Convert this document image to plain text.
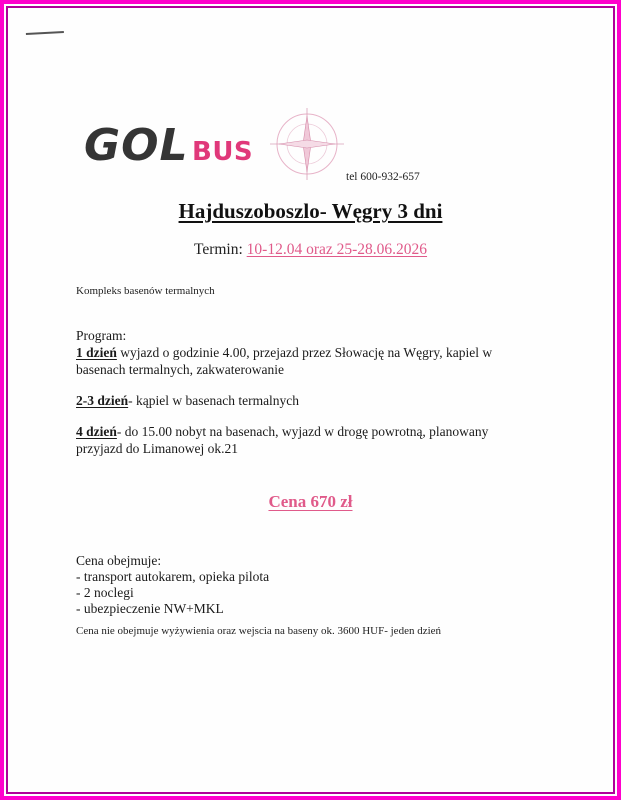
GOL BUS
tel 600-932-657
Hajduszoboszlo- Węgry 3 dni
Termin: 10-12.04 oraz 25-28.06.2026
Kompleks basenów termalnych
Program:
1 dzień wyjazd o godzinie 4.00, przejazd przez Słowację na Węgry, kapiel w basenach termalnych, zakwaterowanie
2-3 dzień- kąpiel w basenach termalnych
4 dzień- do 15.00 nobyt na basenach, wyjazd w drogę powrotną, planowany przyjazd do Limanowej ok.21
Cena 670 zł
Cena obejmuje:
- transport autokarem, opieka pilota
- 2 noclegi
- ubezpieczenie NW+MKL
Cena nie obejmuje wyżywienia oraz wejscia na baseny ok. 3600 HUF- jeden dzień
